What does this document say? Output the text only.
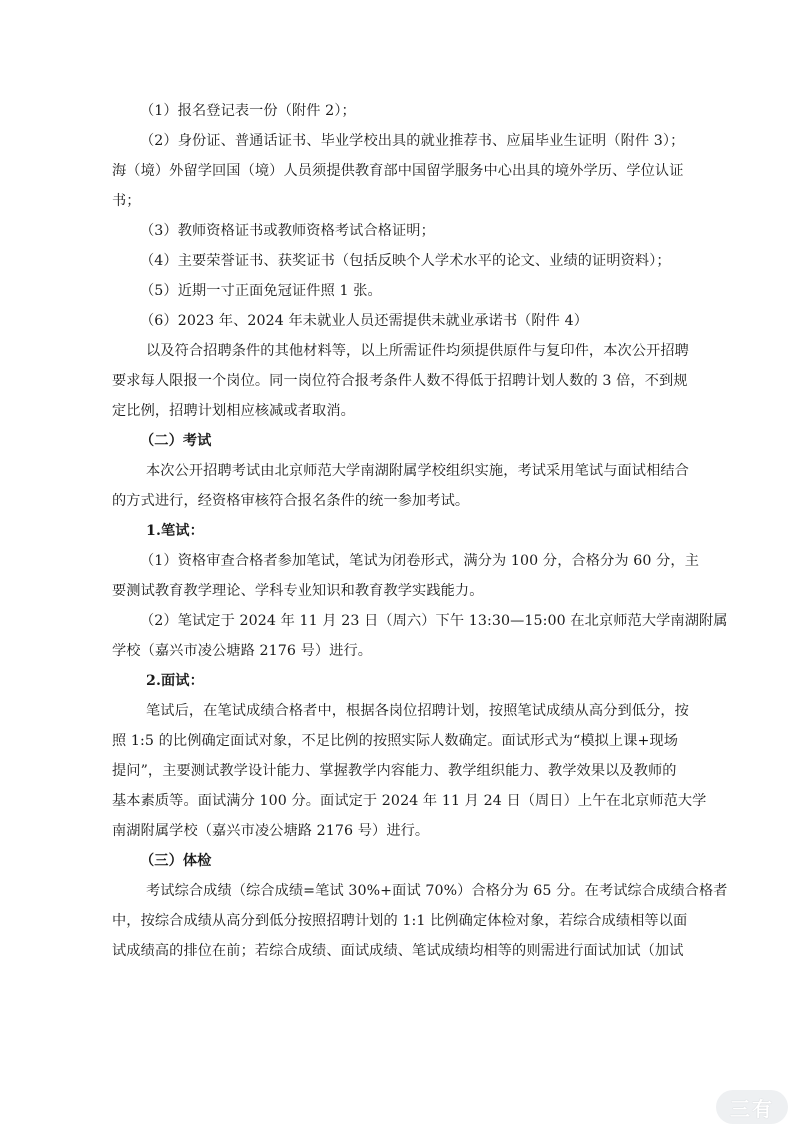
（1）报名登记表一份（附件 2）；
（2）身份证、普通话证书、毕业学校出具的就业推荐书、应届毕业生证明（附件 3）；
海（境）外留学回国（境）人员须提供教育部中国留学服务中心出具的境外学历、学位认证
书；
（3）教师资格证书或教师资格考试合格证明；
（4）主要荣誉证书、获奖证书（包括反映个人学术水平的论文、业绩的证明资料）；
（5）近期一寸正面免冠证件照 1 张。
（6）2023 年、2024 年未就业人员还需提供未就业承诺书（附件 4）
以及符合招聘条件的其他材料等，以上所需证件均须提供原件与复印件，本次公开招聘
要求每人限报一个岗位。同一岗位符合报考条件人数不得低于招聘计划人数的 3 倍，不到规
定比例，招聘计划相应核减或者取消。
（二）考试
本次公开招聘考试由北京师范大学南湖附属学校组织实施，考试采用笔试与面试相结合
的方式进行，经资格审核符合报名条件的统一参加考试。
1.笔试：
（1）资格审查合格者参加笔试，笔试为闭卷形式，满分为 100 分，合格分为 60 分，主
要测试教育教学理论、学科专业知识和教育教学实践能力。
（2）笔试定于 2024 年 11 月 23 日（周六）下午 13:30—15:00 在北京师范大学南湖附属
学校（嘉兴市凌公塘路 2176 号）进行。
2.面试：
笔试后，在笔试成绩合格者中，根据各岗位招聘计划，按照笔试成绩从高分到低分，按
照 1:5 的比例确定面试对象，不足比例的按照实际人数确定。面试形式为“模拟上课+现场
提问”，主要测试教学设计能力、掌握教学内容能力、教学组织能力、教学效果以及教师的
基本素质等。面试满分 100 分。面试定于 2024 年 11 月 24 日（周日）上午在北京师范大学
南湖附属学校（嘉兴市凌公塘路 2176 号）进行。
（三）体检
考试综合成绩（综合成绩=笔试 30%+面试 70%）合格分为 65 分。在考试综合成绩合格者
中，按综合成绩从高分到低分按照招聘计划的 1:1 比例确定体检对象，若综合成绩相等以面
试成绩高的排位在前；若综合成绩、面试成绩、笔试成绩均相等的则需进行面试加试（加试
三有
